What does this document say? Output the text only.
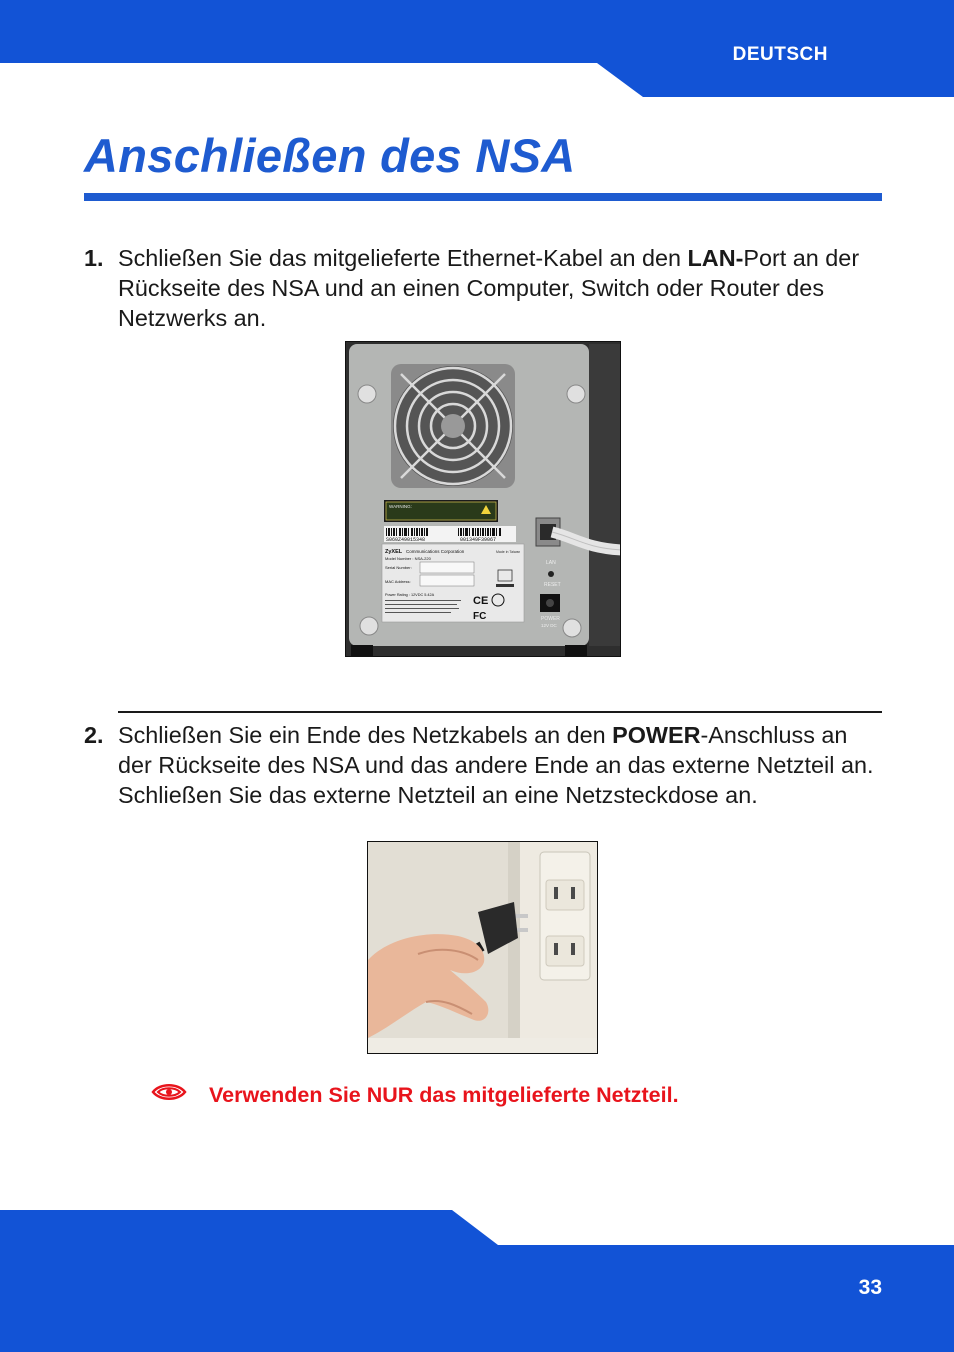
DEUTSCH
Anschließen des NSA
1. Schließen Sie das mitgelieferte Ethernet-Kabel an den LAN-Port an der Rückseite des NSA und an einen Computer, Switch oder Router des Netzwerks an.
WARNING:
S060Z49015348	001349F39067
ZyXEL Communications Corporation	Made in Taiwan
Model Number : NSA-220
Serial Number:
MAC Address:
Power Rating : 12VDC 5.42A	CE
FC
LAN
RESET
POWER
12V DC
2. Schließen Sie ein Ende des Netzkabels an den POWER-Anschluss an der Rückseite des NSA und das andere Ende an das externe Netzteil an. Schließen Sie das externe Netzteil an eine Netzsteckdose an.
Verwenden Sie NUR das mitgelieferte Netzteil.
33
